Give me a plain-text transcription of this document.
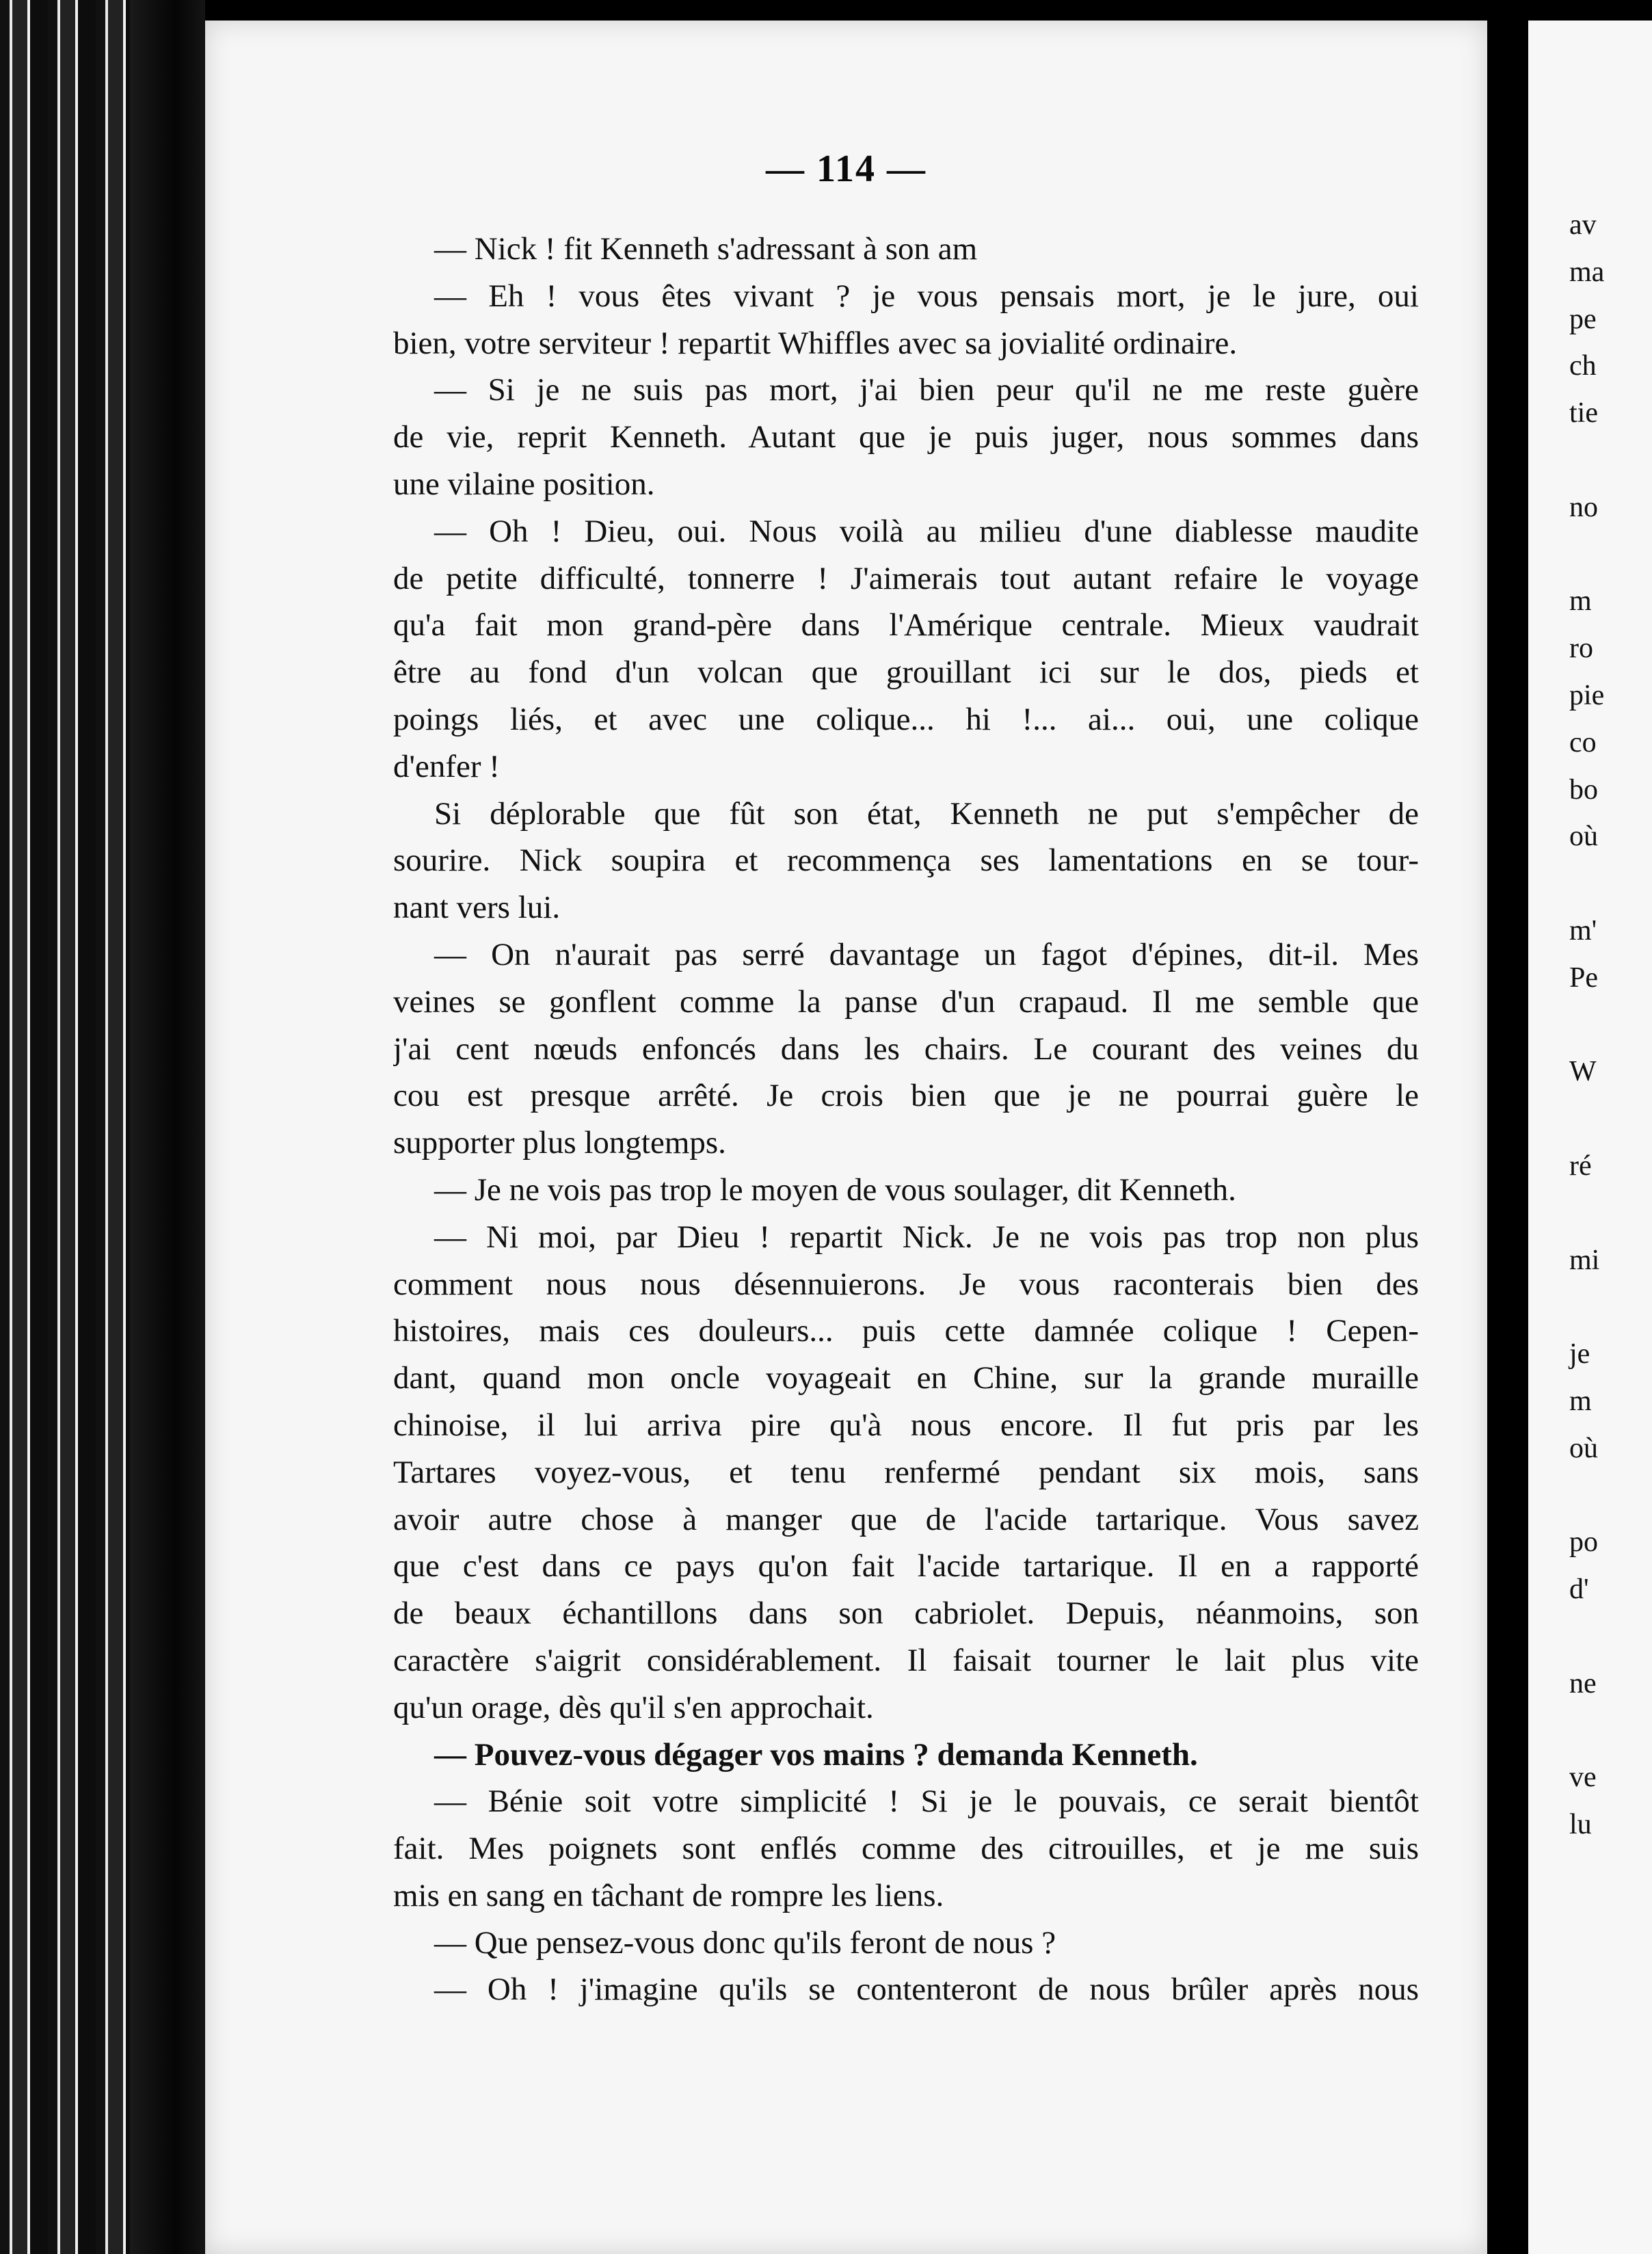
— 114 —
— Nick ! fit Kenneth s'adressant à son am
— Eh ! vous êtes vivant ? je vous pensais mort, je le jure, oui
bien, votre serviteur ! repartit Whiffles avec sa jovialité ordinaire.
— Si je ne suis pas mort, j'ai bien peur qu'il ne me reste guère
de vie, reprit Kenneth. Autant que je puis juger, nous sommes dans
une vilaine position.
— Oh ! Dieu, oui. Nous voilà au milieu d'une diablesse maudite
de petite difficulté, tonnerre ! J'aimerais tout autant refaire le voyage
qu'a fait mon grand-père dans l'Amérique centrale. Mieux vaudrait
être au fond d'un volcan que grouillant ici sur le dos, pieds et
poings liés, et avec une colique... hi !... ai... oui, une colique
d'enfer !
Si déplorable que fût son état, Kenneth ne put s'empêcher de
sourire. Nick soupira et recommença ses lamentations en se tour-
nant vers lui.
— On n'aurait pas serré davantage un fagot d'épines, dit-il. Mes
veines se gonflent comme la panse d'un crapaud. Il me semble que
j'ai cent nœuds enfoncés dans les chairs. Le courant des veines du
cou est presque arrêté. Je crois bien que je ne pourrai guère le
supporter plus longtemps.
— Je ne vois pas trop le moyen de vous soulager, dit Kenneth.
— Ni moi, par Dieu ! repartit Nick. Je ne vois pas trop non plus
comment nous nous désennuierons. Je vous raconterais bien des
histoires, mais ces douleurs... puis cette damnée colique ! Cepen-
dant, quand mon oncle voyageait en Chine, sur la grande muraille
chinoise, il lui arriva pire qu'à nous encore. Il fut pris par les
Tartares voyez-vous, et tenu renfermé pendant six mois, sans
avoir autre chose à manger que de l'acide tartarique. Vous savez
que c'est dans ce pays qu'on fait l'acide tartarique. Il en a rapporté
de beaux échantillons dans son cabriolet. Depuis, néanmoins, son
caractère s'aigrit considérablement. Il faisait tourner le lait plus vite
qu'un orage, dès qu'il s'en approchait.
— Pouvez-vous dégager vos mains ? demanda Kenneth.
— Bénie soit votre simplicité ! Si je le pouvais, ce serait bientôt
fait. Mes poignets sont enflés comme des citrouilles, et je me suis
mis en sang en tâchant de rompre les liens.
— Que pensez-vous donc qu'ils feront de nous ?
— Oh ! j'imagine qu'ils se contenteront de nous brûler après nous
av
ma
pe
ch
tie
no
m
ro
pie
co
bo
où
m'
Pe
W
ré
mi
je
m
où
po
d'
ne
ve
lu
